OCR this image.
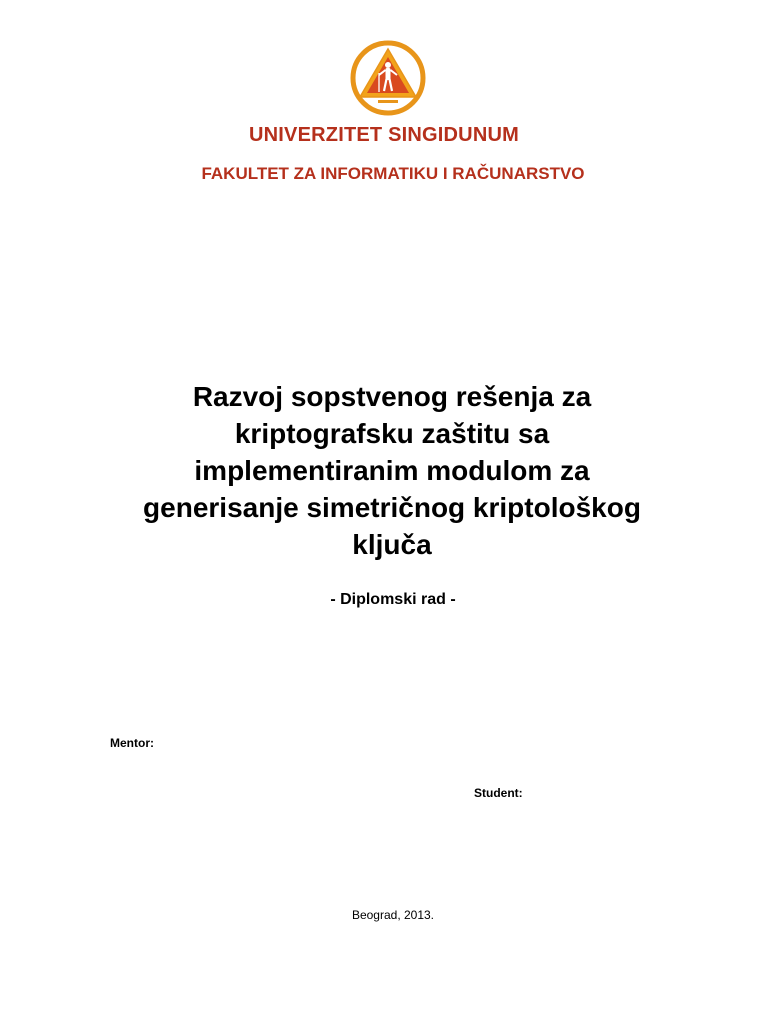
UNIVERZITET SINGIDUNUM
FAKULTET ZA INFORMATIKU I RAČUNARSTVO
Razvoj sopstvenog rešenja za
kriptografsku zaštitu sa
implementiranim modulom za
generisanje simetričnog kriptološkog
ključa
- Diplomski rad -
Mentor:
Student:
Beograd, 2013.
